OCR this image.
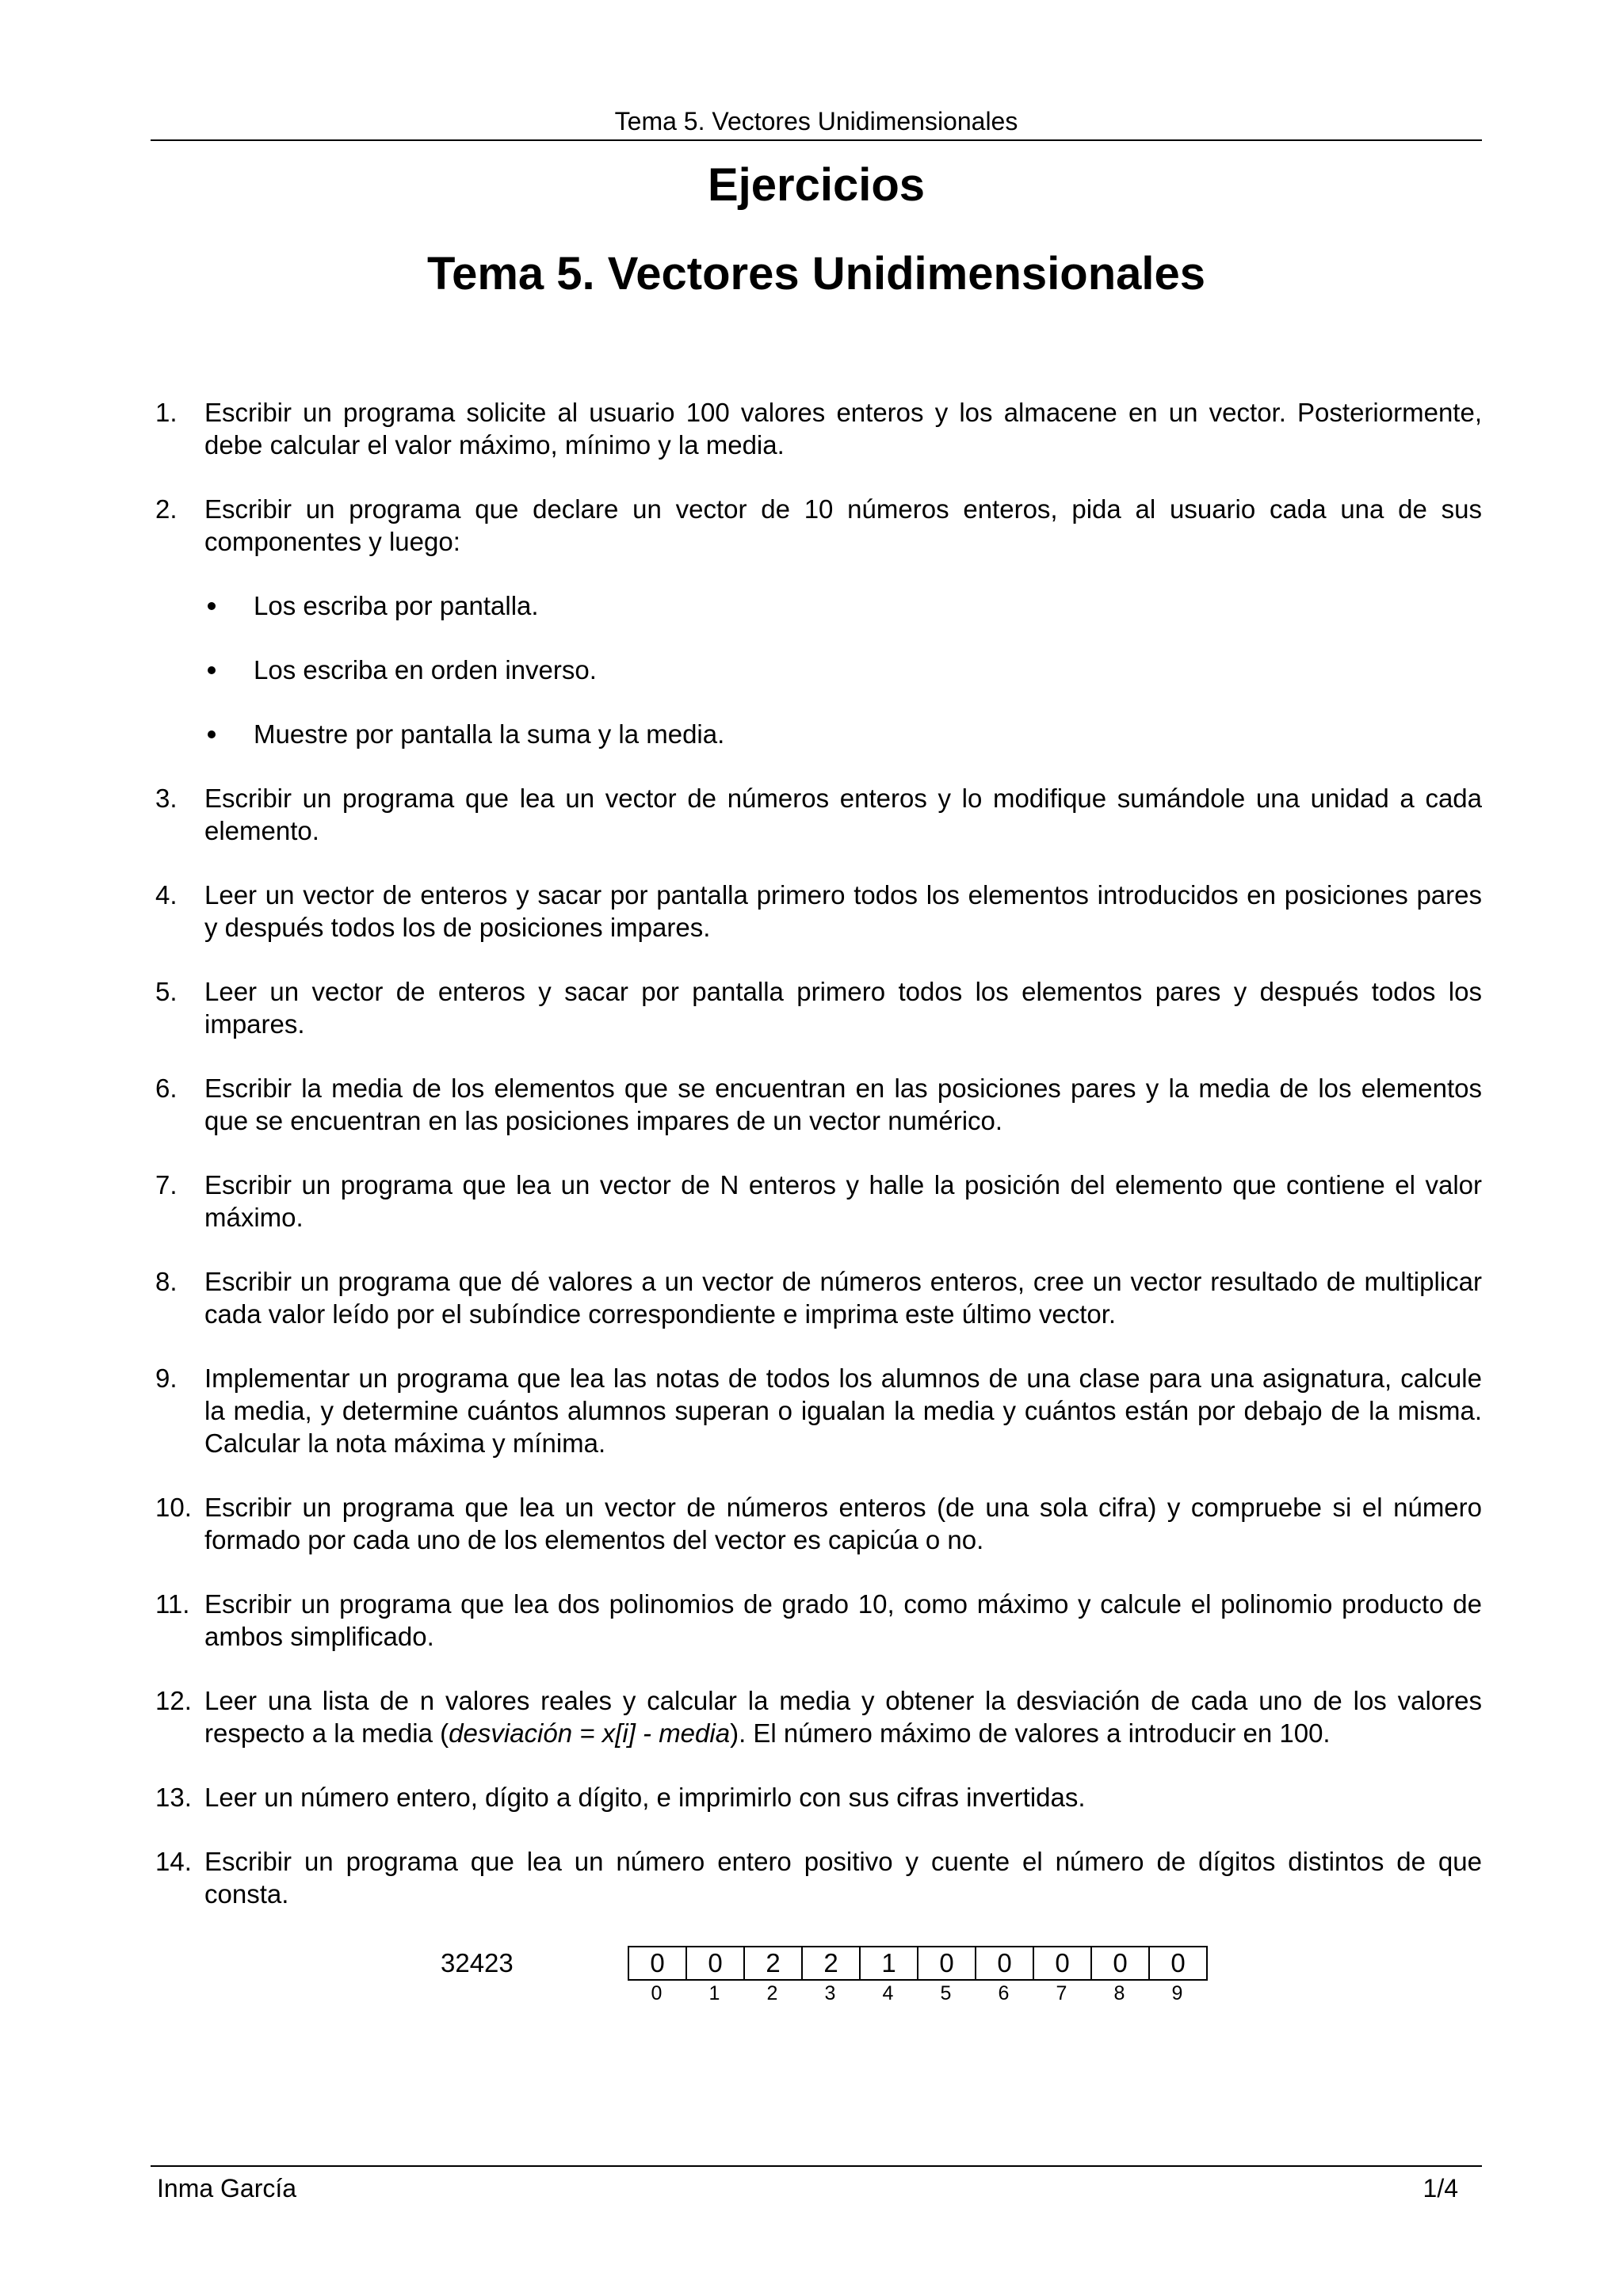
Tema 5. Vectores Unidimensionales
Ejercicios
Tema 5. Vectores Unidimensionales
1. Escribir un programa solicite al usuario 100 valores enteros y los almacene en un vector. Posteriormente, debe calcular el valor máximo, mínimo y la media.
2. Escribir un programa que declare un vector de 10 números enteros, pida al usuario cada una de sus componentes y luego:
Los escriba por pantalla.
Los escriba en orden inverso.
Muestre por pantalla la suma y la media.
3. Escribir un programa que lea un vector de números enteros y lo modifique sumándole una unidad a cada elemento.
4. Leer un vector de enteros y sacar por pantalla primero todos los elementos introducidos en posiciones pares y después todos los de posiciones impares.
5. Leer un vector de enteros y sacar por pantalla primero todos los elementos pares y después todos los impares.
6. Escribir la media de los elementos que se encuentran en las posiciones pares y la media de los elementos que se encuentran en las posiciones impares de un vector numérico.
7. Escribir un programa que lea un vector de N enteros y halle la posición del elemento que contiene el valor máximo.
8. Escribir un programa que dé valores a un vector de números enteros, cree un vector resultado de multiplicar cada valor leído por el subíndice correspondiente e imprima este último vector.
9. Implementar un programa que lea las notas de todos los alumnos de una clase para una asignatura, calcule la media, y determine cuántos alumnos superan o igualan la media y cuántos están por debajo de la misma. Calcular la nota máxima y mínima.
10. Escribir un programa que lea un vector de números enteros (de una sola cifra) y compruebe si el número formado por cada uno de los elementos del vector es capicúa o no.
11. Escribir un programa que lea dos polinomios de grado 10, como máximo y calcule el polinomio producto de ambos simplificado.
12. Leer una lista de n valores reales y calcular la media y obtener la desviación de cada uno de los valores respecto a la media (desviación = x[i] - media). El número máximo de valores a introducir en 100.
13. Leer un número entero, dígito a dígito, e imprimirlo con sus cifras invertidas.
14. Escribir un programa que lea un número entero positivo y cuente el número de dígitos distintos de que consta.
32423	0	0	2	2	1	0	0	0	0	0
0	1	2	3	4	5	6	7	8	9
Inma García	1/4
